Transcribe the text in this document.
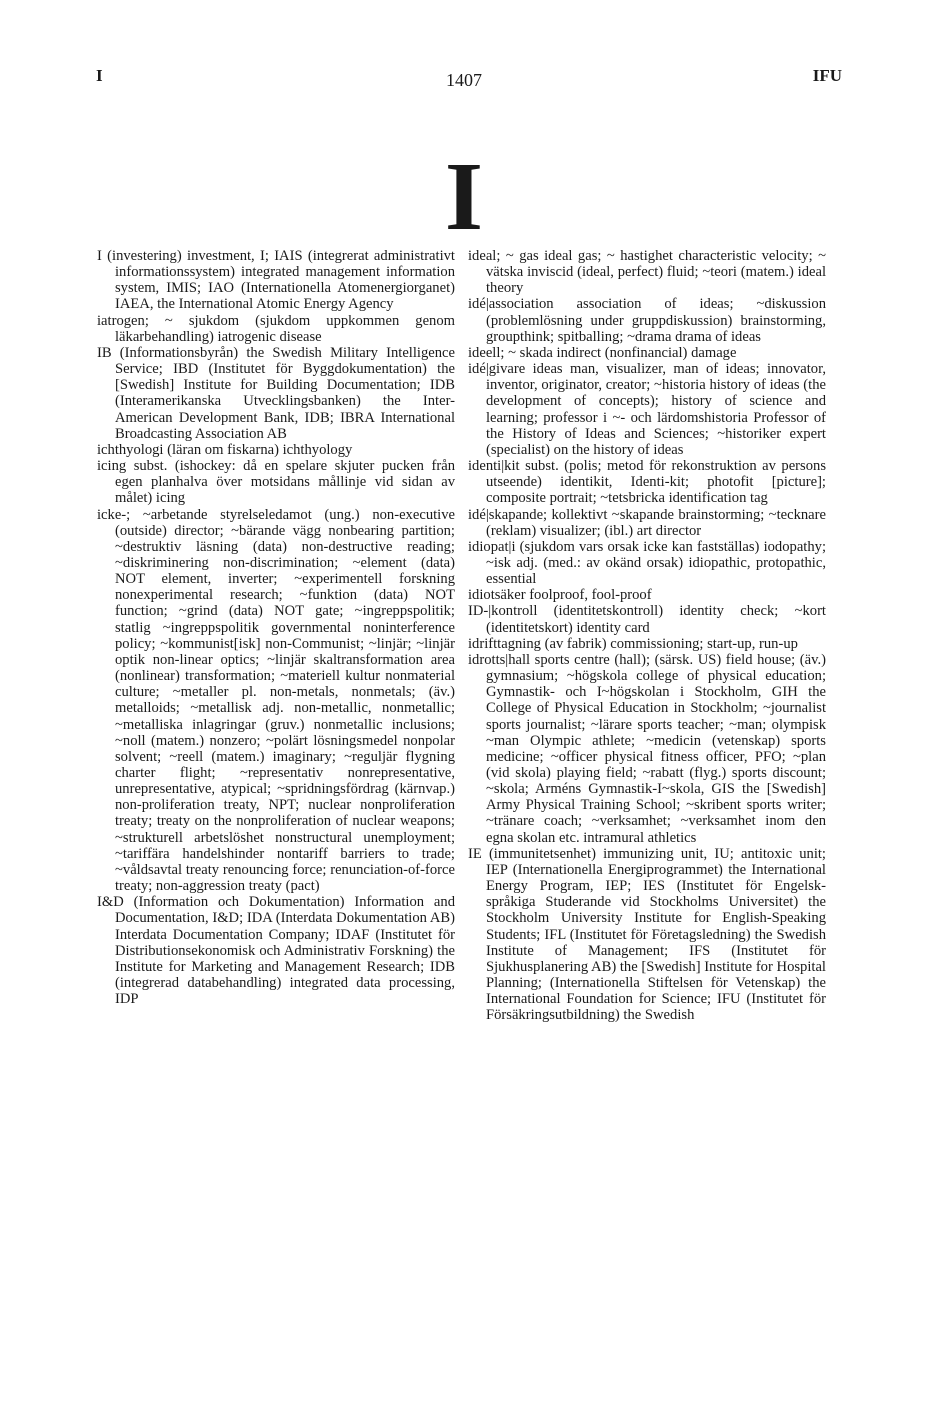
I	1407	IFU
I

I (investering) investment, I; IAIS (integrerat administrativt informationssystem) integrated management information system, IMIS; IAO (Internationella Atomenergiorganet) IAEA, the International Atomic Energy Agency

iatrogen; ~ sjukdom (sjukdom uppkommen genom läkarbehandling) iatrogenic disease

IB (Informationsbyrån) the Swedish Military Intelligence Service; IBD (Institutet för Byggdokumentation) the [Swedish] Institute for Building Documentation; IDB (Interamerikanska Utvecklingsbanken) the Inter-American Development Bank, IDB; IBRA International Broadcasting Association AB

ichthyologi (läran om fiskarna) ichthyology

icing subst. (ishockey: då en spelare skjuter pucken från egen planhalva över motsidans mållinje vid sidan av målet) icing

icke-; ~arbetande styrelseledamot (ung.) non-executive (outside) director; ~bärande vägg nonbearing partition; ~destruktiv läsning (data) non-destructive reading; ~diskriminering non-discrimination; ~element (data) NOT element, inverter; ~experimentell forskning nonexperimental research; ~funktion (data) NOT function; ~grind (data) NOT gate; ~ingreppspolitik; statlig ~ingreppspolitik governmental noninterference policy; ~kommunist[isk] non-Communist; ~linjär; ~linjär optik non-linear optics; ~linjär skaltransformation area (nonlinear) transformation; ~materiell kultur nonmaterial culture; ~metaller pl. non-metals, nonmetals; (äv.) metalloids; ~metallisk adj. non-metallic, nonmetallic; ~metalliska inlagringar (gruv.) nonmetallic inclusions; ~noll (matem.) nonzero; ~polärt lösningsmedel nonpolar solvent; ~reell (matem.) imaginary; ~reguljär flygning charter flight; ~representativ nonrepresentative, unrepresentative, atypical; ~spridningsfördrag (kärnvap.) non-proliferation treaty, NPT; nuclear nonproliferation treaty; treaty on the nonproliferation of nuclear weapons; ~strukturell arbetslöshet nonstructural unemployment; ~tariffära handelshinder nontariff barriers to trade; ~våldsavtal treaty renouncing force; renunciation-of-force treaty; non-aggression treaty (pact)

I&D (Information och Dokumentation) Information and Documentation, I&D; IDA (Interdata Dokumentation AB) Interdata Documentation Company; IDAF (Institutet för Distributionsekonomisk och Administrativ Forskning) the Institute for Marketing and Management Research; IDB (integrerad databehandling) integrated data processing, IDP

ideal; ~ gas ideal gas; ~ hastighet characteristic velocity; ~ vätska inviscid (ideal, perfect) fluid; ~teori (matem.) ideal theory

idé|association association of ideas; ~diskussion (problemlösning under gruppdiskussion) brainstorming, groupthink; spitballing; ~drama drama of ideas

ideell; ~ skada indirect (nonfinancial) damage

idé|givare ideas man, visualizer, man of ideas; innovator, inventor, originator, creator; ~historia history of ideas (the development of concepts); history of science and learning; professor i ~- och lärdomshistoria Professor of the History of Ideas and Sciences; ~historiker expert (specialist) on the history of ideas

identi|kit subst. (polis; metod för rekonstruktion av persons utseende) identikit, Identi-kit; photofit [picture]; composite portrait; ~tetsbricka identification tag

idé|skapande; kollektivt ~skapande brainstorming; ~tecknare (reklam) visualizer; (ibl.) art director

idiopat|i (sjukdom vars orsak icke kan fastställas) iodopathy; ~isk adj. (med.: av okänd orsak) idiopathic, protopathic, essential

idiotsäker foolproof, fool-proof

ID-|kontroll (identitetskontroll) identity check; ~kort (identitetskort) identity card

idrifttagning (av fabrik) commissioning; start-up, run-up

idrotts|hall sports centre (hall); (särsk. US) field house; (äv.) gymnasium; ~högskola college of physical education; Gymnastik- och I~högskolan i Stockholm, GIH the College of Physical Education in Stockholm; ~journalist sports journalist; ~lärare sports teacher; ~man; olympisk ~man Olympic athlete; ~medicin (vetenskap) sports medicine; ~officer physical fitness officer, PFO; ~plan (vid skola) playing field; ~rabatt (flyg.) sports discount; ~skola; Arméns Gymnastik-I~skola, GIS the [Swedish] Army Physical Training School; ~skribent sports writer; ~tränare coach; ~verksamhet; ~verksamhet inom den egna skolan etc. intramural athletics

IE (immunitetsenhet) immunizing unit, IU; antitoxic unit; IEP (Internationella Energiprogrammet) the International Energy Program, IEP; IES (Institutet för Engelsk-språkiga Studerande vid Stockholms Universitet) the Stockholm University Institute for English-Speaking Students; IFL (Institutet för Företagsledning) the Swedish Institute of Management; IFS (Institutet för Sjukhusplanering AB) the [Swedish] Institute for Hospital Planning; (Internationella Stiftelsen för Vetenskap) the International Foundation for Science; IFU (Institutet för Försäkringsutbildning) the Swedish
